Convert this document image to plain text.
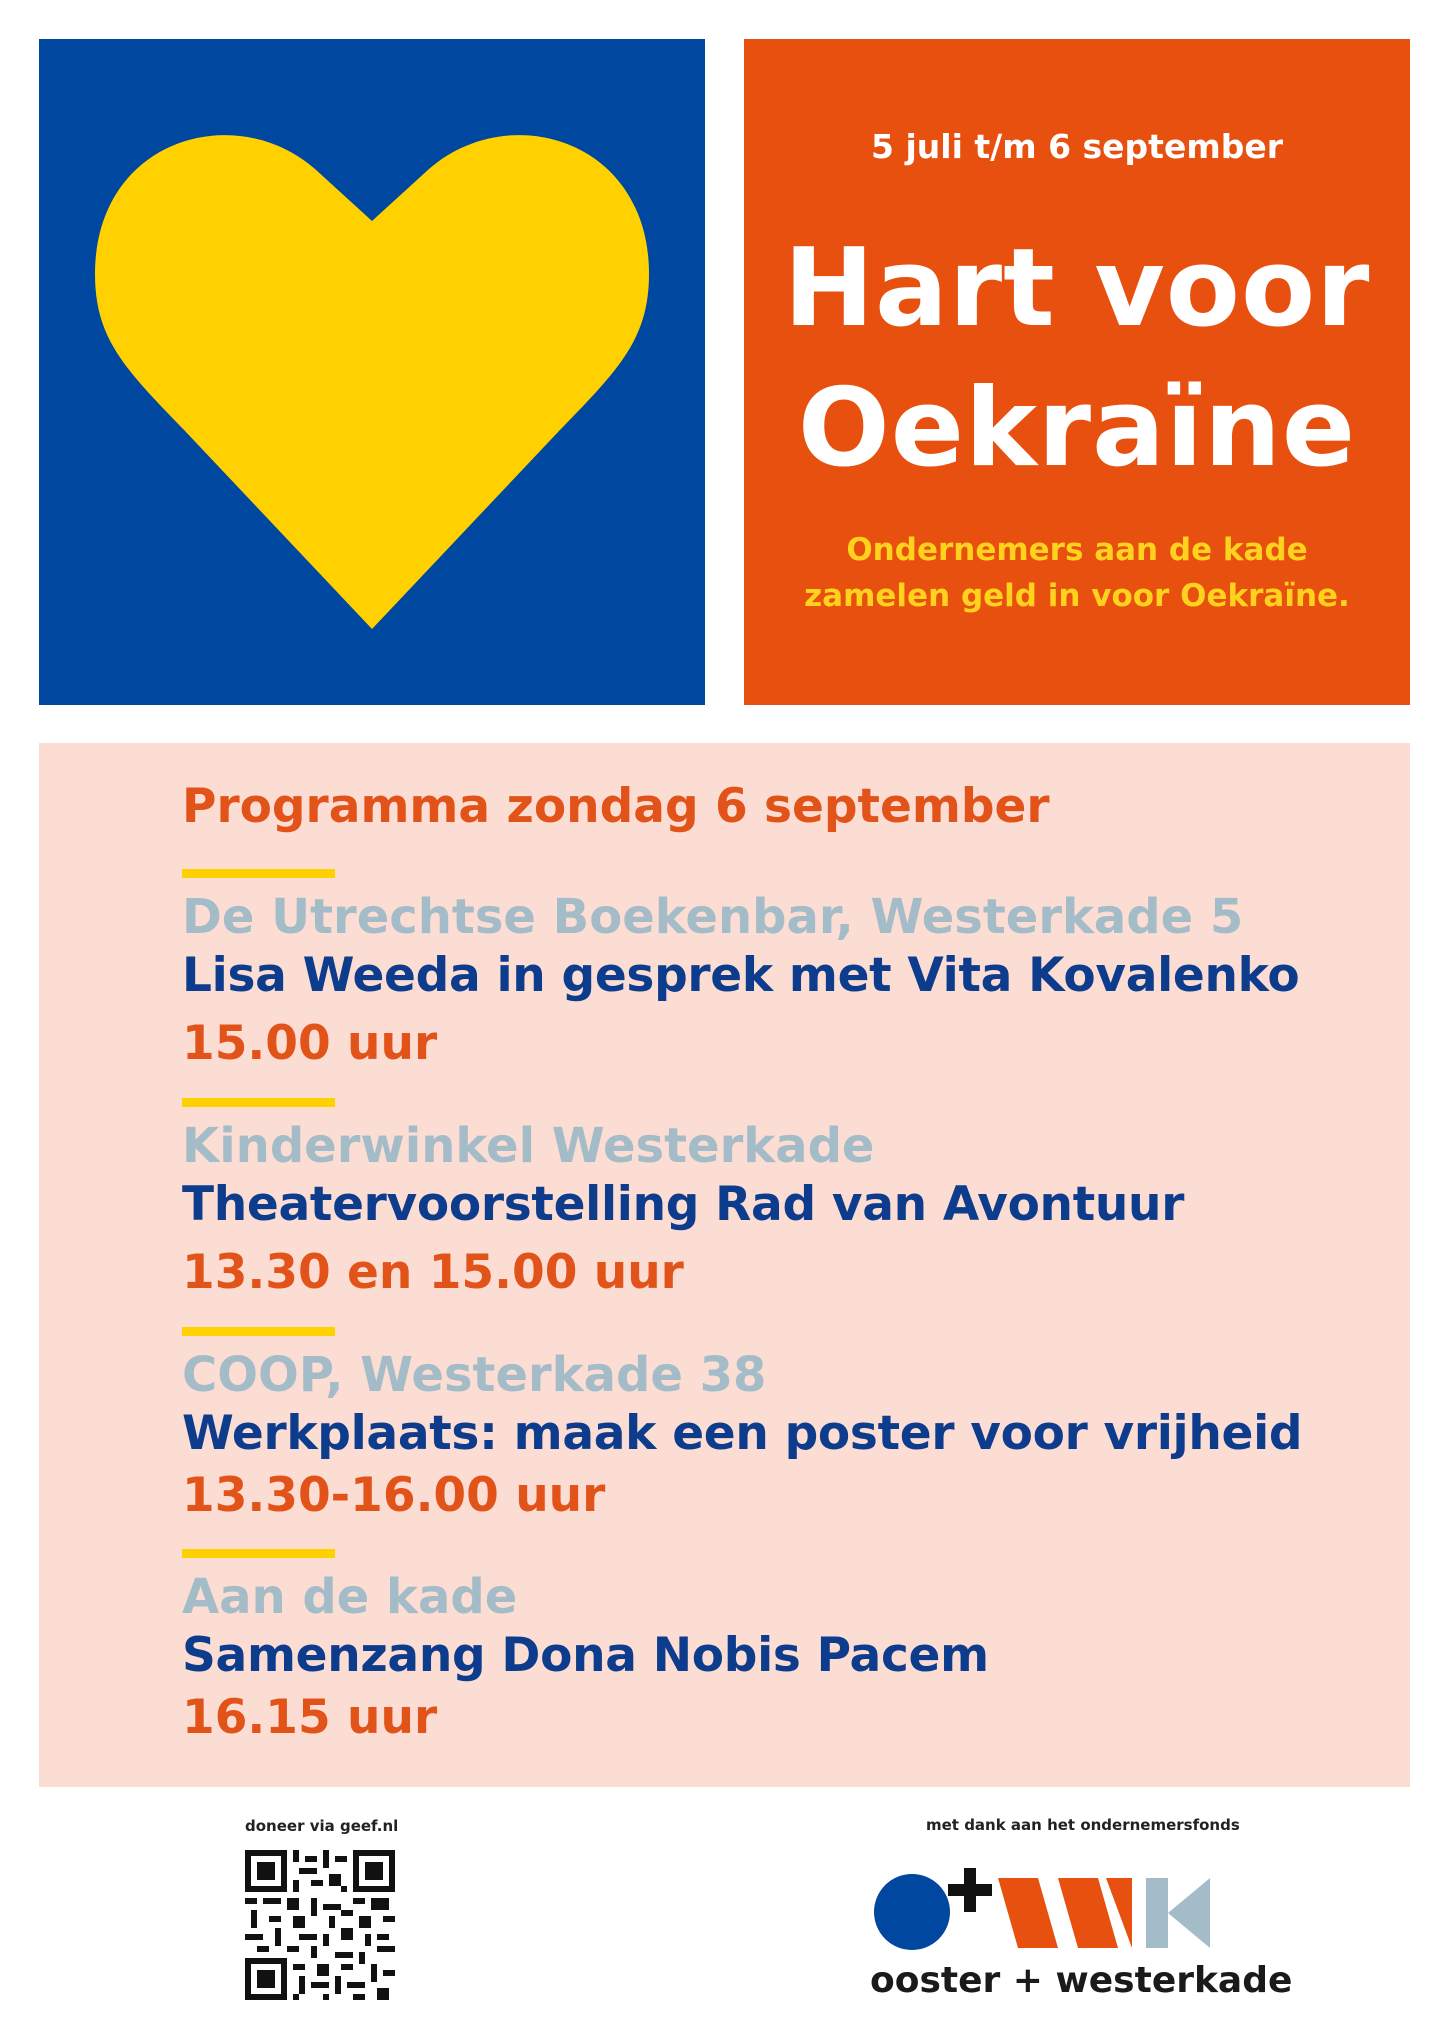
5 juli t/m 6 september
Hart voor
Oekraïne
Ondernemers aan de kade
zamelen geld in voor Oekraïne.
Programma zondag 6 september
De Utrechtse Boekenbar, Westerkade 5
Lisa Weeda in gesprek met Vita Kovalenko
15.00 uur
Kinderwinkel Westerkade
Theatervoorstelling Rad van Avontuur
13.30 en 15.00 uur
COOP, Westerkade 38
Werkplaats: maak een poster voor vrijheid
13.30-16.00 uur
Aan de kade
Samenzang Dona Nobis Pacem
16.15 uur
doneer via geef.nl	met dank aan het ondernemersfonds
ooster + westerkade
